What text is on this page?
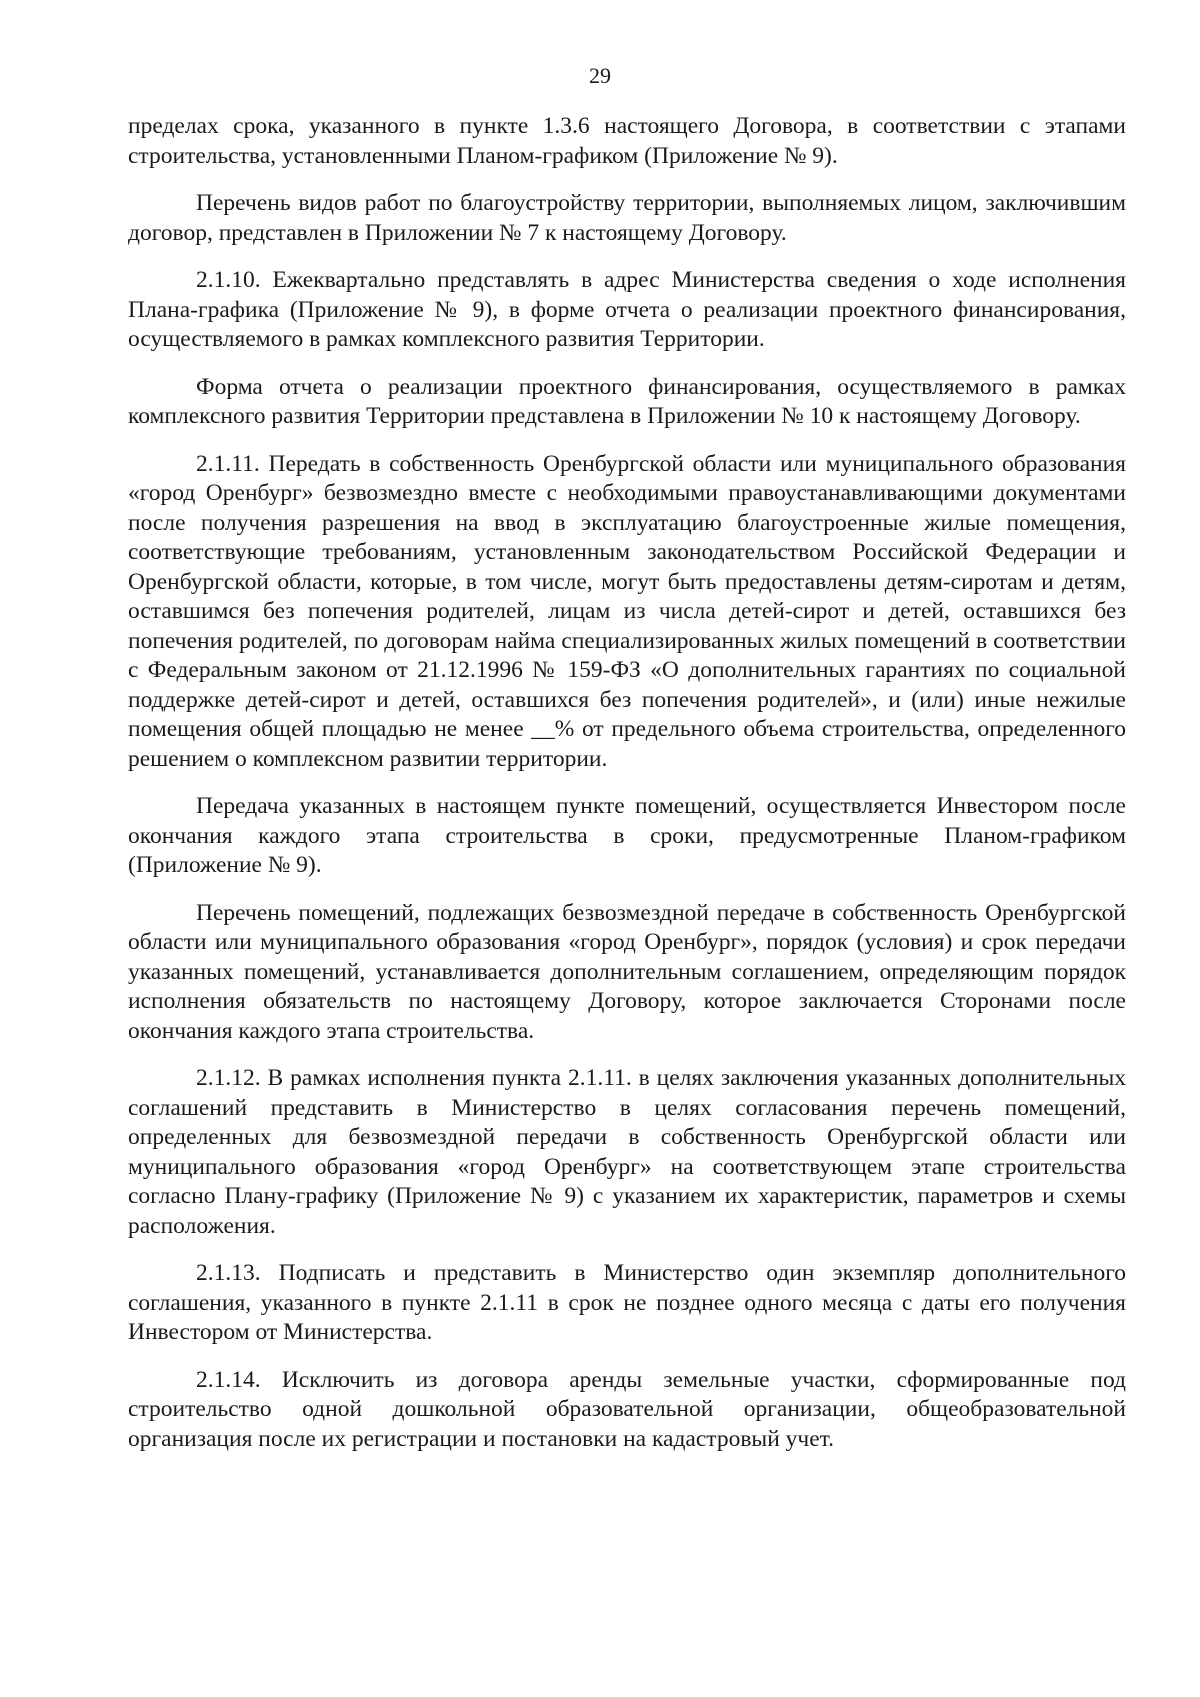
29

пределах срока, указанного в пункте 1.3.6 настоящего Договора, в соответствии с этапами строительства, установленными Планом-графиком (Приложение № 9).

Перечень видов работ по благоустройству территории, выполняемых лицом, заключившим договор, представлен в Приложении № 7 к настоящему Договору.

2.1.10. Ежеквартально представлять в адрес Министерства сведения о ходе исполнения Плана-графика (Приложение № 9), в форме отчета о реализации проектного финансирования, осуществляемого в рамках комплексного развития Территории.

Форма отчета о реализации проектного финансирования, осуществляемого в рамках комплексного развития Территории представлена в Приложении № 10 к настоящему Договору.

2.1.11. Передать в собственность Оренбургской области или муниципального образования «город Оренбург» безвозмездно вместе с необходимыми правоустанавливающими документами после получения разрешения на ввод в эксплуатацию благоустроенные жилые помещения, соответствующие требованиям, установленным законодательством Российской Федерации и Оренбургской области, которые, в том числе, могут быть предоставлены детям-сиротам и детям, оставшимся без попечения родителей, лицам из числа детей-сирот и детей, оставшихся без попечения родителей, по договорам найма специализированных жилых помещений в соответствии с Федеральным законом от 21.12.1996 № 159-ФЗ «О дополнительных гарантиях по социальной поддержке детей-сирот и детей, оставшихся без попечения родителей», и (или) иные нежилые помещения общей площадью не менее __% от предельного объема строительства, определенного решением о комплексном развитии территории.

Передача указанных в настоящем пункте помещений, осуществляется Инвестором после окончания каждого этапа строительства в сроки, предусмотренные Планом-графиком (Приложение № 9).

Перечень помещений, подлежащих безвозмездной передаче в собственность Оренбургской области или муниципального образования «город Оренбург», порядок (условия) и срок передачи указанных помещений, устанавливается дополнительным соглашением, определяющим порядок исполнения обязательств по настоящему Договору, которое заключается Сторонами после окончания каждого этапа строительства.

2.1.12. В рамках исполнения пункта 2.1.11. в целях заключения указанных дополнительных соглашений представить в Министерство в целях согласования перечень помещений, определенных для безвозмездной передачи в собственность Оренбургской области или муниципального образования «город Оренбург» на соответствующем этапе строительства согласно Плану-графику (Приложение № 9) с указанием их характеристик, параметров и схемы расположения.

2.1.13. Подписать и представить в Министерство один экземпляр дополнительного соглашения, указанного в пункте 2.1.11 в срок не позднее одного месяца с даты его получения Инвестором от Министерства.

2.1.14. Исключить из договора аренды земельные участки, сформированные под строительство одной дошкольной образовательной организации, общеобразовательной организация после их регистрации и постановки на кадастровый учет.
